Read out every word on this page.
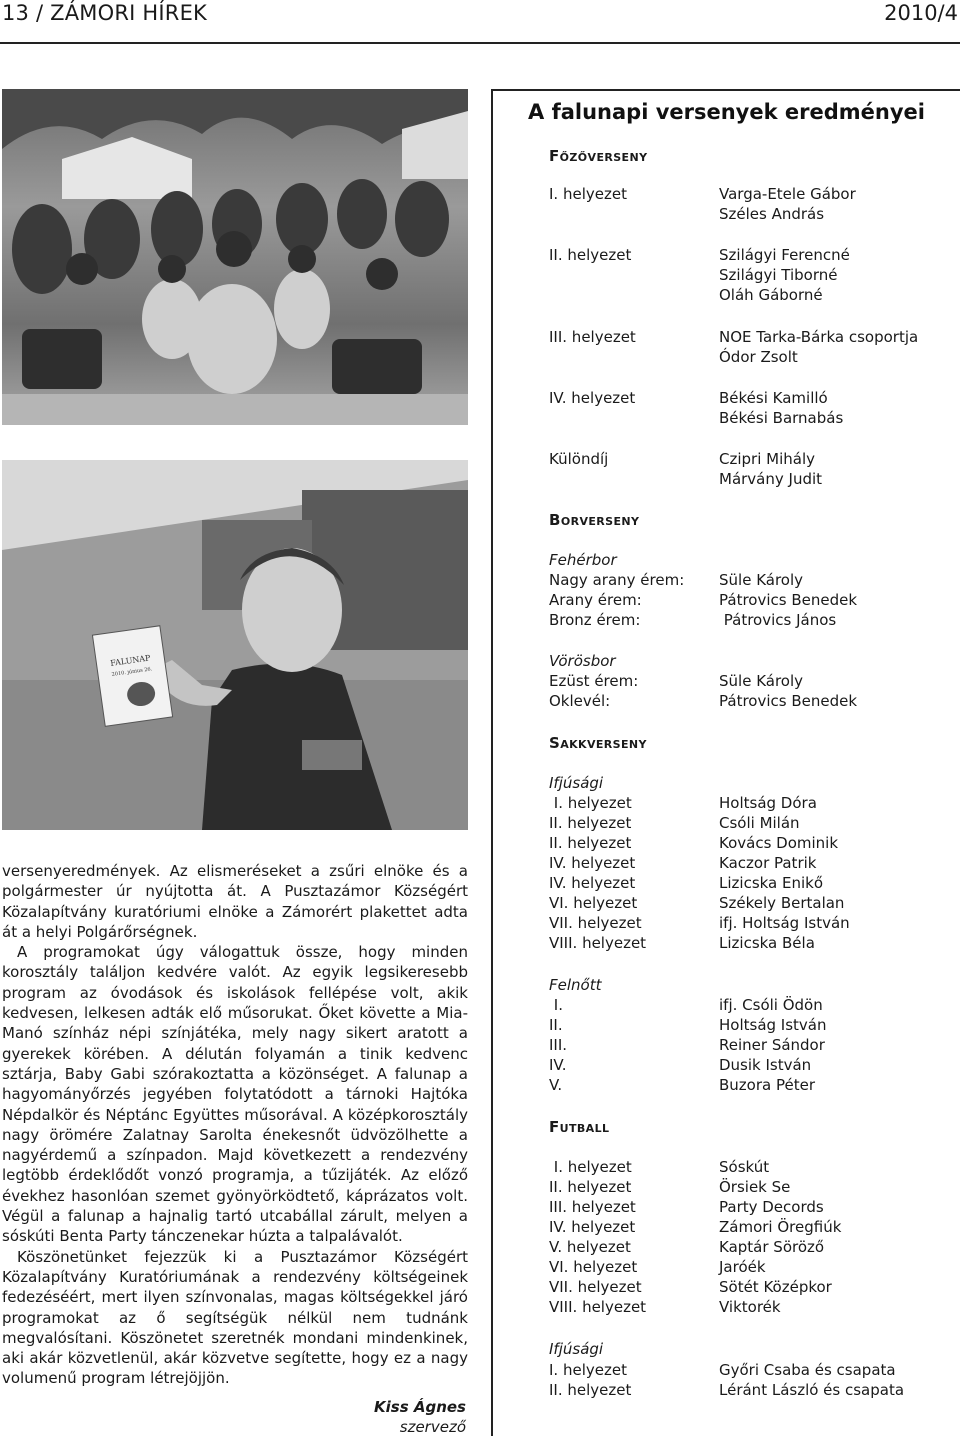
13 / ZÁMORI HÍREK	2010/4
FALUNAP
2010. június 26.
A falunapi versenyek eredményei
Főzőverseny
I. helyezet	Varga-Etele Gábor
Széles András
II. helyezet	Szilágyi Ferencné
Szilágyi Tiborné
Oláh Gáborné
III. helyezet	NOE Tarka-Bárka csoportja
Ódor Zsolt
IV. helyezet	Békési Kamilló
Békési Barnabás
Különdíj	Czipri Mihály
Márvány Judit
Borverseny
Fehérbor
Nagy arany érem: Süle Károly
Arany érem:	Pátrovics Benedek
Bronz érem:	Pátrovics János
Vörösbor
Ezüst érem:	Süle Károly
Oklevél:	Pátrovics Benedek
Sakkverseny
Ifjúsági
I. helyezet	Holtság Dóra
II. helyezet	Csóli Milán
II. helyezet	Kovács Dominik
IV. helyezet	Kaczor Patrik
IV. helyezet	Lizicska Enikő
VI. helyezet	Székely Bertalan
VII. helyezet	ifj. Holtság István
VIII. helyezet	Lizicska Béla
Felnőtt
I.	ifj. Csóli Ödön
II.	Holtság István
III.	Reiner Sándor
IV.	Dusik István
V.	Buzora Péter
Futball
I. helyezet	Sóskút
II. helyezet	Örsiek Se
III. helyezet	Party Decords
IV. helyezet	Zámori Öregfiúk
V. helyezet	Kaptár Söröző
VI. helyezet	Jaróék
VII. helyezet	Sötét Középkor
VIII. helyezet	Viktorék
Ifjúsági
I. helyezet	Győri Csaba és csapata
II. helyezet	Léránt László és csapata

versenyeredmények. Az elismeréseket a zsűri elnöke és a polgármester úr nyújtotta át. A Pusztazámor Községért Közalapítvány kuratóriumi elnöke a Zámorért plakettet adta át a helyi Polgárőrségnek.

A programokat úgy válogattuk össze, hogy minden korosztály találjon kedvére valót. Az egyik legsikeresebb program az óvodások és iskolások fellépése volt, akik kedvesen, lelkesen adták elő műsorukat. Őket követte a Mia-Manó színház népi színjátéka, mely nagy sikert aratott a gyerekek körében. A délután folyamán a tinik kedvenc sztárja, Baby Gabi szórakoztatta a közönséget. A falunap a hagyományőrzés jegyében folytatódott a tárnoki Hajtóka Népdalkör és Néptánc Együttes műsorával. A középkorosztály nagy örömére Zalatnay Sarolta énekesnőt üdvözölhette a nagyérdemű a színpadon. Majd következett a rendezvény legtöbb érdeklődőt vonzó programja, a tűzijáték. Az előző évekhez hasonlóan szemet gyönyörködtető, káprázatos volt. Végül a falunap a hajnalig tartó utcabállal zárult, melyen a sóskúti Benta Party tánczenekar húzta a talpalávalót.

Köszönetünket fejezzük ki a Pusztazámor Községért Közalapítvány Kuratóriumának a rendezvény költségeinek fedezéséért, mert ilyen színvonalas, magas költségekkel járó programokat az ő segítségük nélkül nem tudnánk megvalósítani. Köszönetet szeretnék mondani mindenkinek, aki akár közvetlenül, akár közvetve segítette, hogy ez a nagy volumenű program létrejöjjön.

Kiss Ágnes
szervező
